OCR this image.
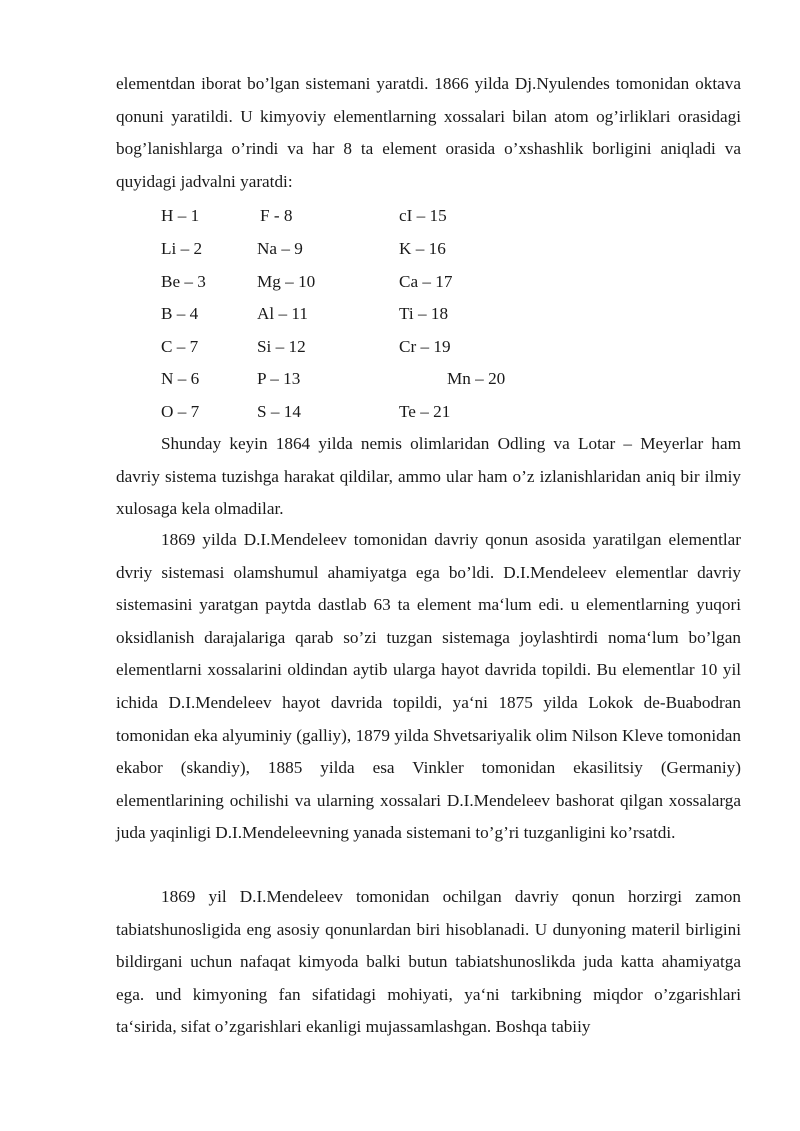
elementdan iborat bo’lgan sistemani yaratdi. 1866 yilda Dj.Nyulendes tomonidan oktava qonuni yaratildi. U kimyoviy elementlarning xossalari bilan atom og’irliklari orasidagi bog’lanishlarga o’rindi va har 8 ta element orasida o’xshashlik borligini aniqladi va quyidagi jadvalni yaratdi:

H – 1
Li – 2
Be – 3
B – 4
C – 7
N – 6
O – 7
F - 8
Na – 9
Mg – 10
Al – 11
Si – 12
P – 13
S – 14
cI – 15
K – 16
Ca – 17
Ti – 18
Cr – 19
Mn – 20
Te – 21

Shunday keyin 1864 yilda nemis olimlaridan Odling va Lotar – Meyerlar ham davriy sistema tuzishga harakat qildilar, ammo ular ham o’z izlanishlaridan aniq bir ilmiy xulosaga kela olmadilar.

1869 yilda D.I.Mendeleev tomonidan davriy qonun asosida yaratilgan elementlar dvriy sistemasi olamshumul ahamiyatga ega bo’ldi. D.I.Mendeleev elementlar davriy sistemasini yaratgan paytda dastlab 63 ta element ma‘lum edi. u elementlarning yuqori oksidlanish darajalariga qarab so’zi tuzgan sistemaga joylashtirdi noma‘lum bo’lgan elementlarni xossalarini oldindan aytib ularga hayot davrida topildi. Bu elementlar 10 yil ichida D.I.Mendeleev hayot davrida topildi, ya‘ni 1875 yilda Lokok de-Buabodran tomonidan eka alyuminiy (galliy), 1879 yilda Shvetsariyalik olim Nilson Kleve tomonidan ekabor (skandiy), 1885 yilda esa Vinkler tomonidan ekasilitsiy (Germaniy) elementlarining ochilishi va ularning xossalari D.I.Mendeleev bashorat qilgan xossalarga juda yaqinligi D.I.Mendeleevning yanada sistemani to’g’ri tuzganligini ko’rsatdi.

1869 yil D.I.Mendeleev tomonidan ochilgan davriy qonun horzirgi zamon tabiatshunosligida eng asosiy qonunlardan biri hisoblanadi. U dunyoning materil birligini bildirgani uchun nafaqat kimyoda balki butun tabiatshunoslikda juda katta ahamiyatga ega. und kimyoning fan sifatidagi mohiyati, ya‘ni tarkibning miqdor o’zgarishlari ta‘sirida, sifat o’zgarishlari ekanligi mujassamlashgan. Boshqa tabiiy
